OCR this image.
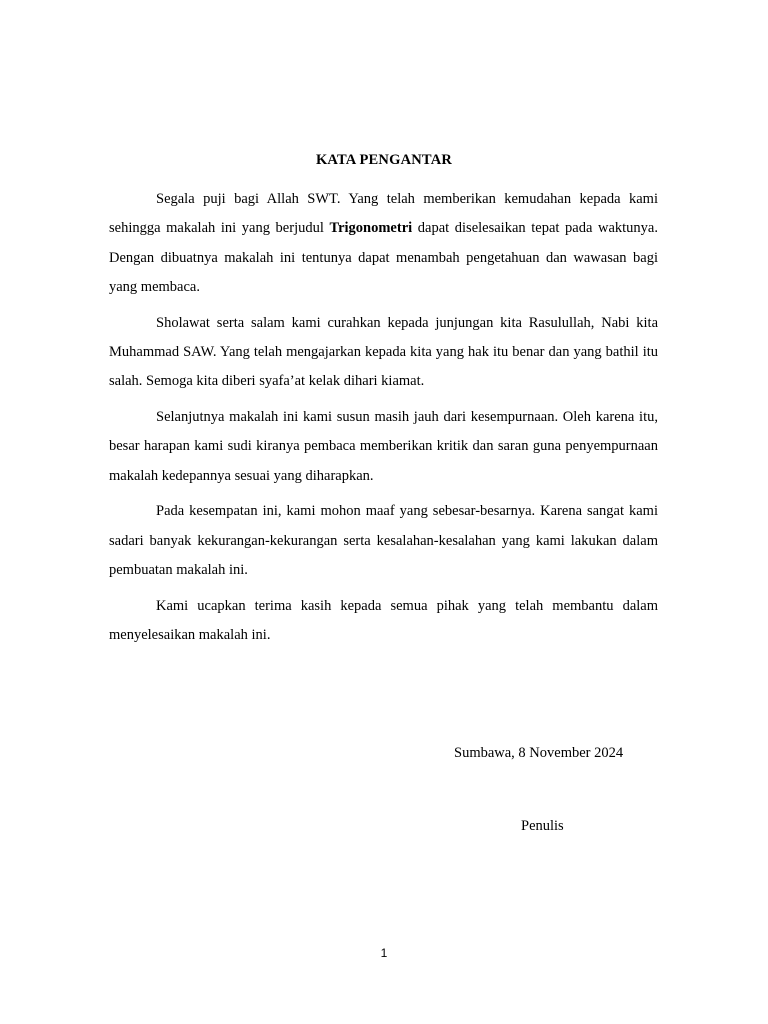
KATA PENGANTAR

Segala puji bagi Allah SWT. Yang telah memberikan kemudahan kepada kami sehingga makalah ini yang berjudul Trigonometri dapat diselesaikan tepat pada waktunya. Dengan dibuatnya makalah ini tentunya dapat menambah pengetahuan dan wawasan bagi yang membaca.

Sholawat serta salam kami curahkan kepada junjungan kita Rasulullah, Nabi kita Muhammad SAW. Yang telah mengajarkan kepada kita yang hak itu benar dan yang bathil itu salah. Semoga kita diberi syafa’at kelak dihari kiamat.

Selanjutnya makalah ini kami susun masih jauh dari kesempurnaan. Oleh karena itu, besar harapan kami sudi kiranya pembaca memberikan kritik dan saran guna penyempurnaan makalah kedepannya sesuai yang diharapkan.

Pada kesempatan ini, kami mohon maaf yang sebesar-besarnya. Karena sangat kami sadari banyak kekurangan-kekurangan serta kesalahan-kesalahan yang kami lakukan dalam pembuatan makalah ini.

Kami ucapkan terima kasih kepada semua pihak yang telah membantu dalam menyelesaikan makalah ini.

Sumbawa, 8 November 2024
Penulis
1
